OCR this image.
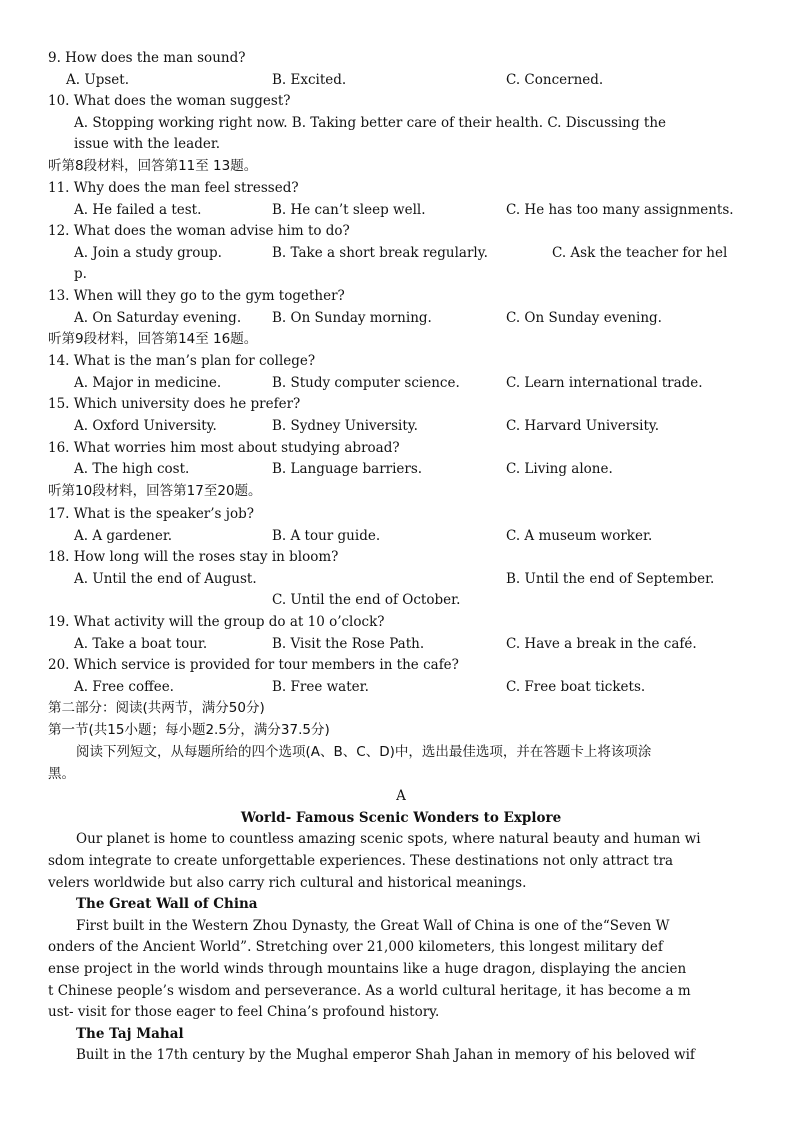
9. How does the man sound?
A. Upset.	B. Excited.	C. Concerned.
10. What does the woman suggest?
A. Stopping working right now. B. Taking better care of their health. C. Discussing the
issue with the leader.
听第8段材料，回答第11至 13题。
11. Why does the man feel stressed?
A. He failed a test.	B. He can’t sleep well.	C. He has too many assignments.
12. What does the woman advise him to do?
A. Join a study group.	B. Take a short break regularly.	C. Ask the teacher for hel
p.
13. When will they go to the gym together?
A. On Saturday evening. B. On Sunday morning.	C. On Sunday evening.
听第9段材料，回答第14至 16题。
14. What is the man’s plan for college?
A. Major in medicine.	B. Study computer science.	C. Learn international trade.
15. Which university does he prefer?
A. Oxford University.	B. Sydney University.	C. Harvard University.
16. What worries him most about studying abroad?
A. The high cost.	B. Language barriers.	C. Living alone.
听第10段材料，回答第17至20题。
17. What is the speaker’s job?
A. A gardener.	B. A tour guide.	C. A museum worker.
18. How long will the roses stay in bloom?
A. Until the end of August.	B. Until the end of September.
C. Until the end of October.
19. What activity will the group do at 10 o’clock?
A. Take a boat tour.	B. Visit the Rose Path.	C. Have a break in the café.
20. Which service is provided for tour members in the cafe?
A. Free coffee.	B. Free water.	C. Free boat tickets.
第二部分：阅读(共两节，满分50分)
第一节(共15小题；每小题2.5分，满分37.5分)
阅读下列短文，从每题所给的四个选项(A、B、C、D)中，选出最佳选项，并在答题卡上将该项涂
黑。
A
World- Famous Scenic Wonders to Explore
Our planet is home to countless amazing scenic spots, where natural beauty and human wi
sdom integrate to create unforgettable experiences. These destinations not only attract tra
velers worldwide but also carry rich cultural and historical meanings.
The Great Wall of China
First built in the Western Zhou Dynasty, the Great Wall of China is one of the“Seven W
onders of the Ancient World”. Stretching over 21,000 kilometers, this longest military def
ense project in the world winds through mountains like a huge dragon, displaying the ancien
t Chinese people’s wisdom and perseverance. As a world cultural heritage, it has become a m
ust- visit for those eager to feel China’s profound history.
The Taj Mahal
Built in the 17th century by the Mughal emperor Shah Jahan in memory of his beloved wif
